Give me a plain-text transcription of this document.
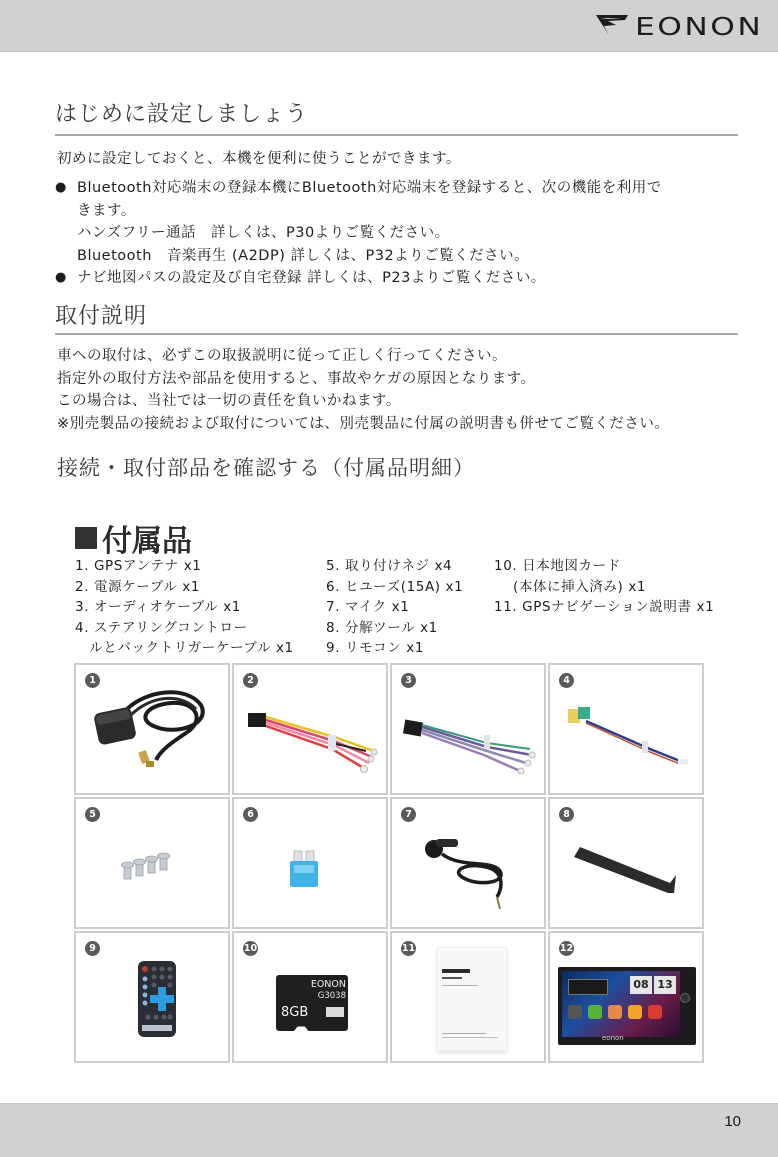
EONON
はじめに設定しましょう
初めに設定しておくと、本機を便利に使うことができます。
● Bluetooth対応端末の登録本機にBluetooth対応端末を登録すると、次の機能を利用で
きます。
ハンズフリー通話　詳しくは、P30よりご覧ください。
Bluetooth　音楽再生 (A2DP) 詳しくは、P32よりご覧ください。
● ナビ地図パスの設定及び自宅登録 詳しくは、P23よりご覧ください。
取付説明
車への取付は、必ずこの取扱説明に従って正しく行ってください。
指定外の取付方法や部品を使用すると、事故やケガの原因となります。
この場合は、当社では一切の責任を負いかねます。
※別売製品の接続および取付については、別売製品に付属の説明書も併せてご覧ください。
接続・取付部品を確認する（付属品明細）
付属品
1. GPSアンテナ x1
2. 電源ケーブル x1
3. オーディオケーブル x1
4. ステアリングコントロー
　ルとバックトリガーケーブル x1
5. 取り付けネジ x4
6. ヒユーズ(15A) x1
7. マイク x1
8. 分解ツール x1
9. リモコン x1
10. 日本地図カード
　 (本体に挿入済み) x1
11. GPSナビゲーション説明書 x1
1	2	3	4
5	6	7	8
9
EONON
G3038
8GB
10	11
08 13
eonon
12
10
